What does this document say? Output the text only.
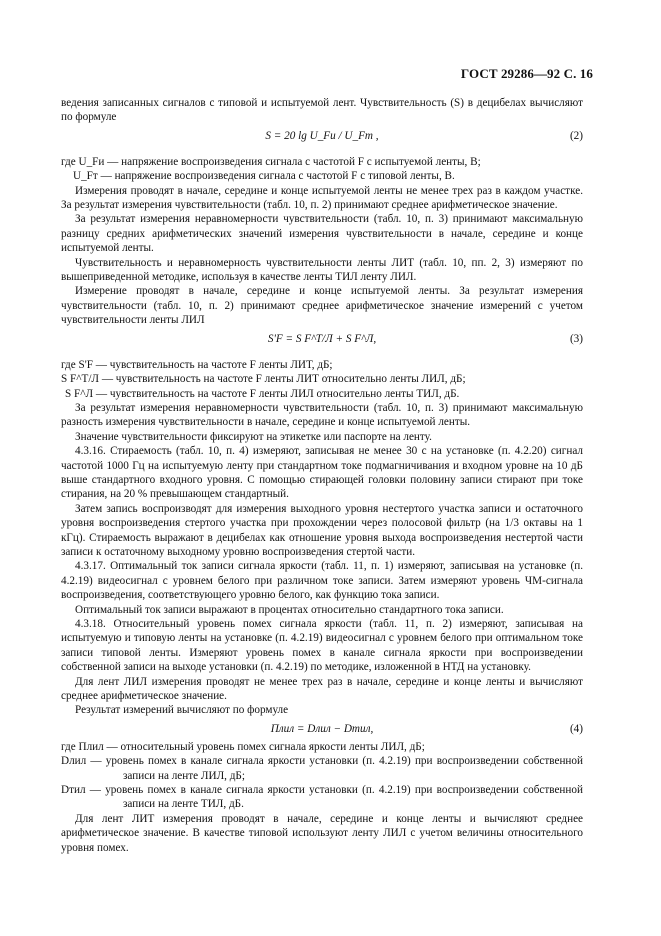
ГОСТ 29286—92 С. 16

ведения записанных сигналов с типовой и испытуемой лент. Чувствительность (S) в децибелах вычисляют по формуле

S = 20 lg U_Fи / U_Fт ,	(2)

где U_Fи — напряжение воспроизведения сигнала с частотой F с испытуемой ленты, В;

U_Fт — напряжение воспроизведения сигнала с частотой F с типовой ленты, В.

Измерения проводят в начале, середине и конце испытуемой ленты не менее трех раз в каждом участке. За результат измерения чувствительности (табл. 10, п. 2) принимают среднее арифметическое значение.

За результат измерения неравномерности чувствительности (табл. 10, п. 3) принимают максимальную разницу средних арифметических значений измерения чувствительности в начале, середине и конце испытуемой ленты.

Чувствительность и неравномерность чувствительности ленты ЛИТ (табл. 10, пп. 2, 3) измеряют по вышеприведенной методике, используя в качестве ленты ТИЛ ленту ЛИЛ.

Измерение проводят в начале, середине и конце испытуемой ленты. За результат измерения чувствительности (табл. 10, п. 2) принимают среднее арифметическое значение измерений с учетом чувствительности ленты ЛИЛ

S'F = S F^Т/Л + S F^Л,	(3)

где S'F — чувствительность на частоте F ленты ЛИТ, дБ;

S F^Т/Л — чувствительность на частоте F ленты ЛИТ относительно ленты ЛИЛ, дБ;

S F^Л — чувствительность на частоте F ленты ЛИЛ относительно ленты ТИЛ, дБ.

За результат измерения неравномерности чувствительности (табл. 10, п. 3) принимают максимальную разность измерения чувствительности в начале, середине и конце испытуемой ленты.

Значение чувствительности фиксируют на этикетке или паспорте на ленту.

4.3.16. Стираемость (табл. 10, п. 4) измеряют, записывая не менее 30 с на установке (п. 4.2.20) сигнал частотой 1000 Гц на испытуемую ленту при стандартном токе подмагничивания и входном уровне на 10 дБ выше стандартного входного уровня. С помощью стирающей головки половину записи стирают при токе стирания, на 20 % превышающем стандартный.

Затем запись воспроизводят для измерения выходного уровня нестертого участка записи и остаточного уровня воспроизведения стертого участка при прохождении через полосовой фильтр (на 1/3 октавы на 1 кГц). Стираемость выражают в децибелах как отношение уровня выхода воспроизведения нестертой части записи к остаточному выходному уровню воспроизведения стертой части.

4.3.17. Оптимальный ток записи сигнала яркости (табл. 11, п. 1) измеряют, записывая на установке (п. 4.2.19) видеосигнал с уровнем белого при различном токе записи. Затем измеряют уровень ЧМ-сигнала воспроизведения, соответствующего уровню белого, как функцию тока записи.

Оптимальный ток записи выражают в процентах относительно стандартного тока записи.

4.3.18. Относительный уровень помех сигнала яркости (табл. 11, п. 2) измеряют, записывая на испытуемую и типовую ленты на установке (п. 4.2.19) видеосигнал с уровнем белого при оптимальном токе записи типовой ленты. Измеряют уровень помех в канале сигнала яркости при воспроизведении собственной записи на выходе установки (п. 4.2.19) по методике, изложенной в НТД на установку.

Для лент ЛИЛ измерения проводят не менее трех раз в начале, середине и конце ленты и вычисляют среднее арифметическое значение.

Результат измерений вычисляют по формуле

Плил = Dлил − Dтил,	(4)

где Плил — относительный уровень помех сигнала яркости ленты ЛИЛ, дБ;

Dлил — уровень помех в канале сигнала яркости установки (п. 4.2.19) при воспроизведении собственной записи на ленте ЛИЛ, дБ;

Dтил — уровень помех в канале сигнала яркости установки (п. 4.2.19) при воспроизведении собственной записи на ленте ТИЛ, дБ.

Для лент ЛИТ измерения проводят в начале, середине и конце ленты и вычисляют среднее арифметическое значение. В качестве типовой используют ленту ЛИЛ с учетом величины относительного уровня помех.
